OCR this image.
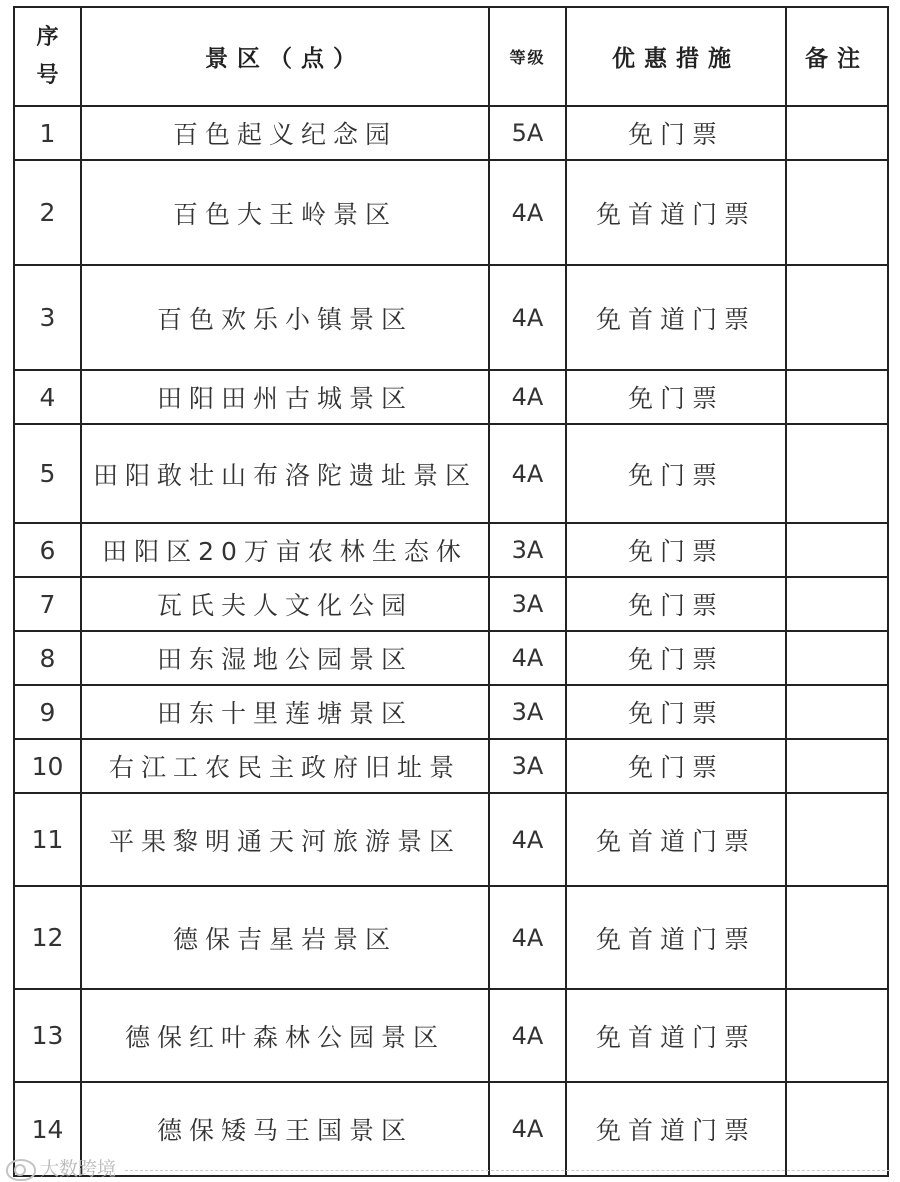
序号	景区（点）	等级	优惠措施	备注
1	百色起义纪念园	5A	免门票	
2	百色大王岭景区	4A	免首道门票	
3	百色欢乐小镇景区	4A	免首道门票	
4	田阳田州古城景区	4A	免门票	
5	田阳敢壮山布洛陀遗址景区	4A	免门票	
6	田阳区20万亩农林生态休	3A	免门票	
7	瓦氏夫人文化公园	3A	免门票	
8	田东湿地公园景区	4A	免门票	
9	田东十里莲塘景区	3A	免门票	
10	右江工农民主政府旧址景	3A	免门票	
11	平果黎明通天河旅游景区	4A	免首道门票	
12	德保吉星岩景区	4A	免首道门票	
13	德保红叶森林公园景区	4A	免首道门票	
14	德保矮马王国景区	4A	免首道门票	
大数跨境
